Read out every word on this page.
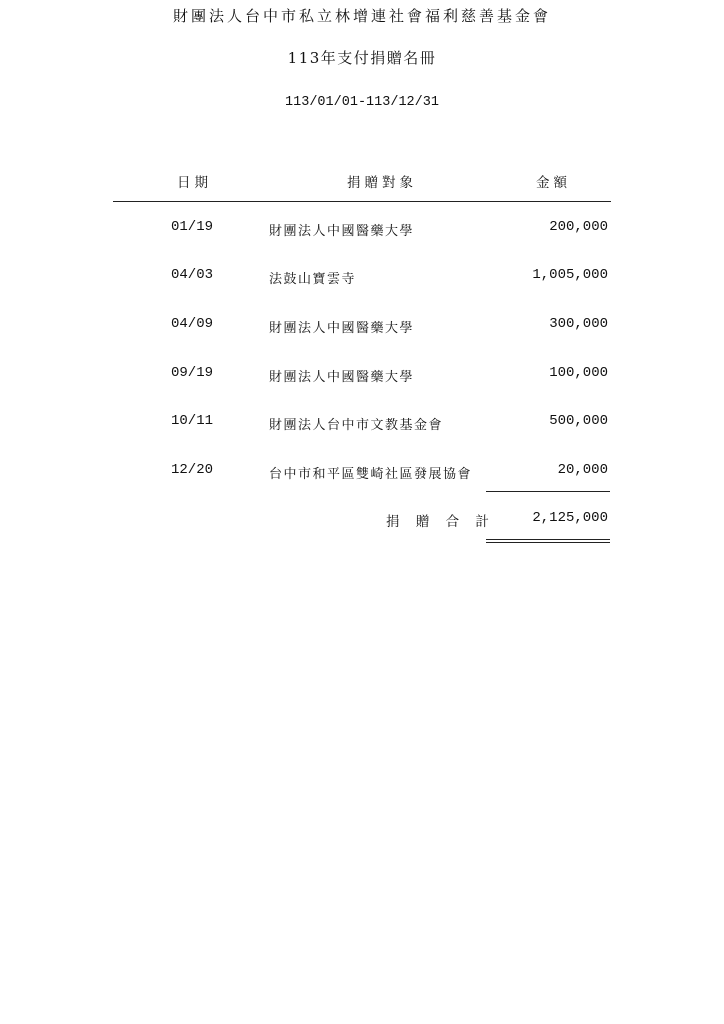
財團法人台中市私立林增連社會福利慈善基金會
113年支付捐贈名冊
113/01/01-113/12/31
日期	捐贈對象	金額
01/19	財團法人中國醫藥大學	200,000
04/03	法鼓山寶雲寺	1,005,000
04/09	財團法人中國醫藥大學	300,000
09/19	財團法人中國醫藥大學	100,000
10/11	財團法人台中市文教基金會	500,000
12/20	台中市和平區雙崎社區發展協會	20,000
捐 贈 合 計	2,125,000
